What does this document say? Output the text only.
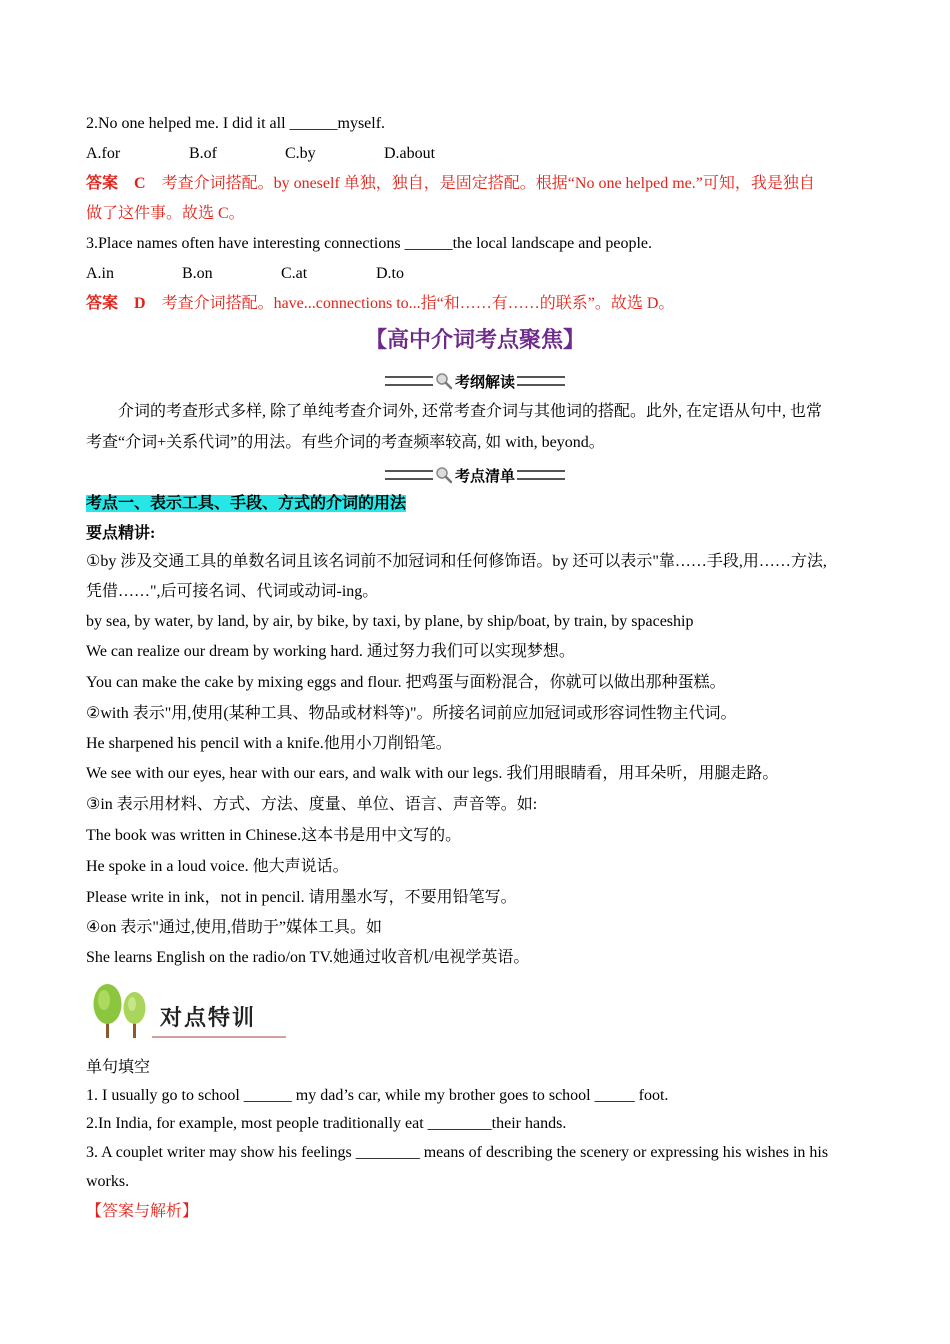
2.No one helped me. I did it all ______myself.
A.for	B.of	C.by	D.about
答案 C 考查介词搭配。by oneself 单独，独自，是固定搭配。根据“No one helped me.”可知，我是独自
做了这件事。故选 C。
3.Place names often have interesting connections ______the local landscape and people.
A.in	B.on	C.at	D.to
答案 D 考查介词搭配。have...connections to...指“和……有……的联系”。故选 D。
【高中介词考点聚焦】
考纲解读
介词的考查形式多样, 除了单纯考查介词外, 还常考查介词与其他词的搭配。此外, 在定语从句中, 也常
考查“介词+关系代词”的用法。有些介词的考查频率较高, 如 with, beyond。
考点清单
考点一、表示工具、手段、方式的介词的用法
要点精讲:
①by 涉及交通工具的单数名词且该名词前不加冠词和任何修饰语。by 还可以表示"靠……手段,用……方法,
凭借……",后可接名词、代词或动词-ing。
by sea, by water, by land, by air, by bike, by taxi, by plane, by ship/boat, by train, by spaceship
We can realize our dream by working hard. 通过努力我们可以实现梦想。
You can make the cake by mixing eggs and flour. 把鸡蛋与面粉混合，你就可以做出那种蛋糕。
②with 表示"用,使用(某种工具、物品或材料等)"。所接名词前应加冠词或形容词性物主代词。
He sharpened his pencil with a knife.他用小刀削铅笔。
We see with our eyes, hear with our ears, and walk with our legs. 我们用眼睛看，用耳朵听，用腿走路。
③in 表示用材料、方式、方法、度量、单位、语言、声音等。如:
The book was written in Chinese.这本书是用中文写的。
He spoke in a loud voice. 他大声说话。
Please write in ink，not in pencil. 请用墨水写，不要用铅笔写。
④on 表示"通过,使用,借助于”媒体工具。如
She learns English on the radio/on TV.她通过收音机/电视学英语。
对点特训
单句填空
1. I usually go to school ______ my dad’s car, while my brother goes to school _____ foot.
2.In India, for example, most people traditionally eat ________their hands.
3. A couplet writer may show his feelings ________ means of describing the scenery or expressing his wishes in his
works.
【答案与解析】
